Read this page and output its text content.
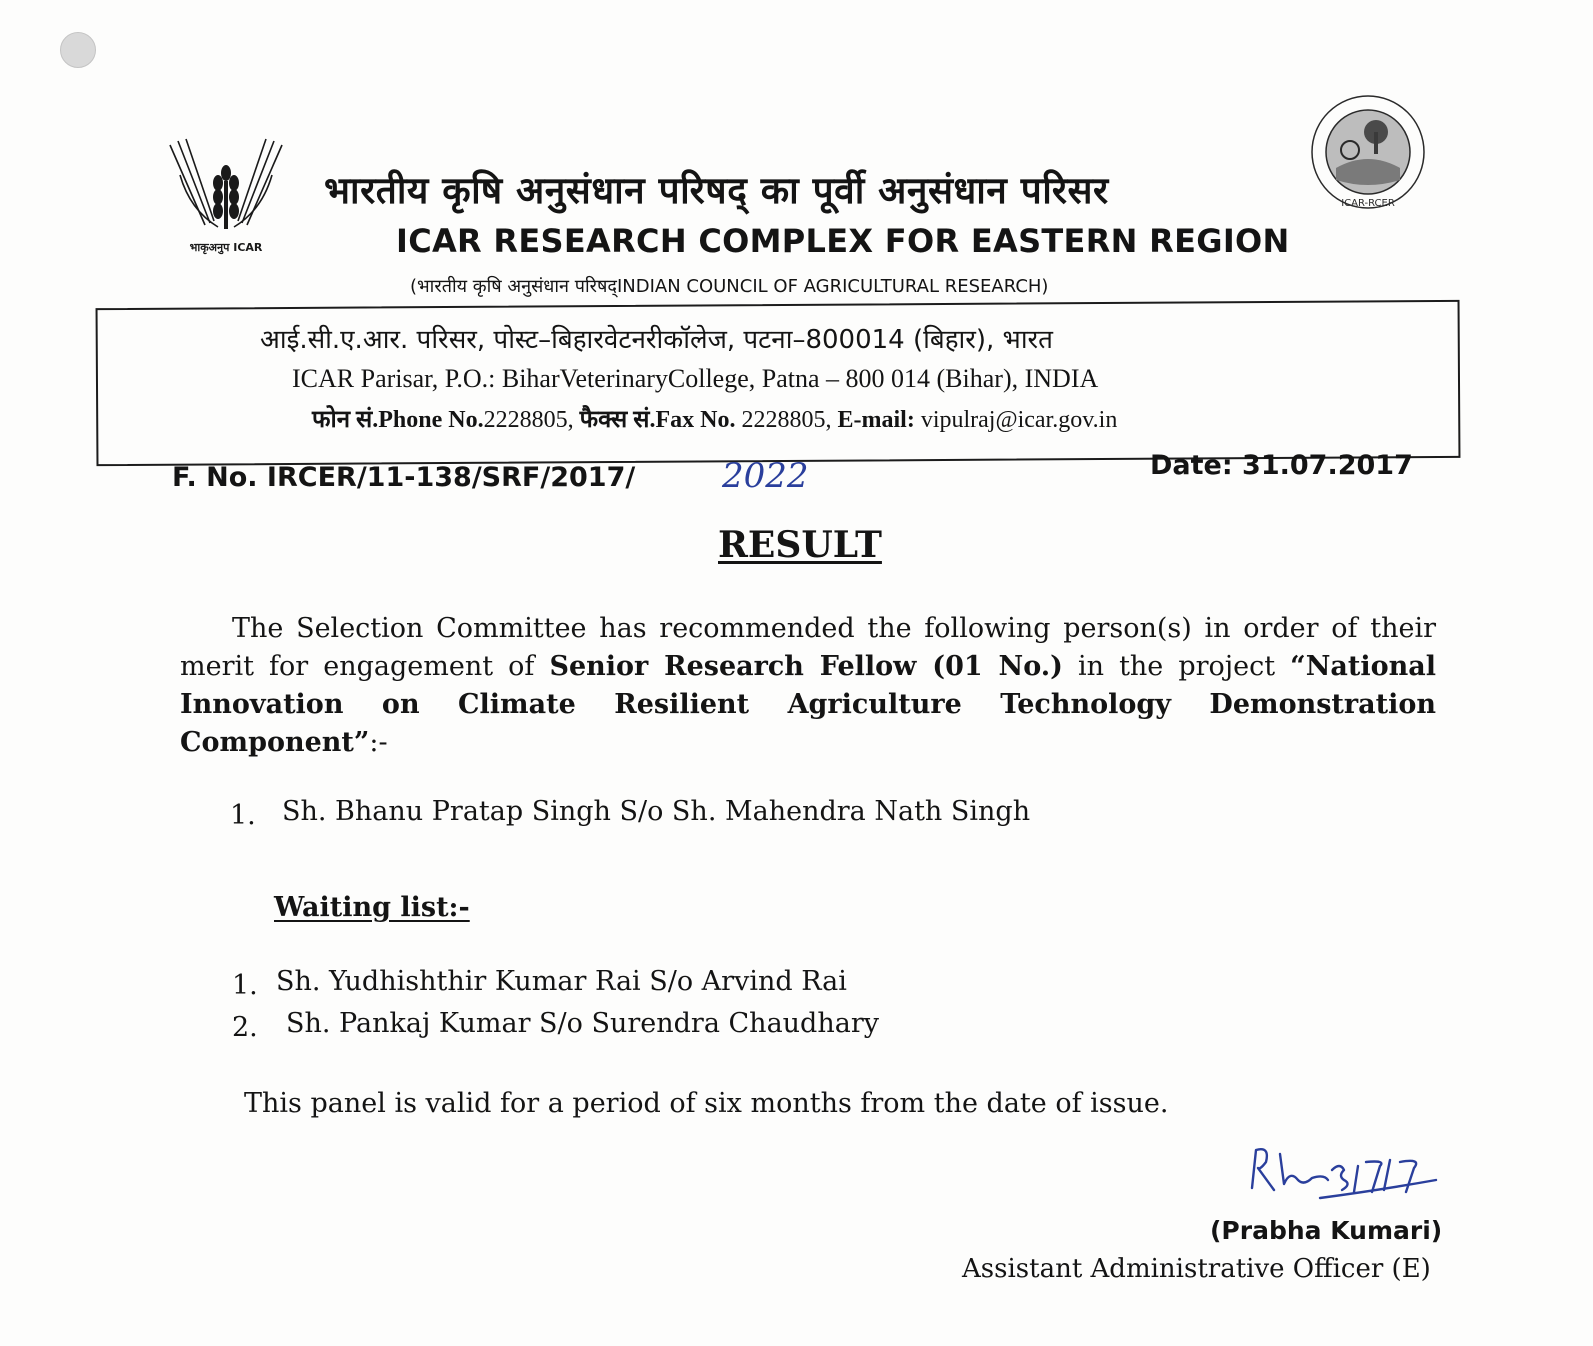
भाकृअनुप ICAR
ICAR-RCER
भारतीय कृषि अनुसंधान परिषद् का पूर्वी अनुसंधान परिसर
ICAR RESEARCH COMPLEX FOR EASTERN REGION
(भारतीय कृषि अनुसंधान परिषद्INDIAN COUNCIL OF AGRICULTURAL RESEARCH)
आई.सी.ए.आर. परिसर, पोस्ट–बिहारवेटनरीकॉलेज, पटना–800014 (बिहार), भारत
ICAR Parisar, P.O.: BiharVeterinaryCollege, Patna – 800 014 (Bihar), INDIA
फोन सं.Phone No.2228805, फैक्स सं.Fax No. 2228805, E-mail: vipulraj@icar.gov.in
F. No. IRCER/11-138/SRF/2017/	2022	Date: 31.07.2017
RESULT
The Selection Committee has recommended the following person(s) in order of their merit for engagement of Senior Research Fellow (01 No.) in the project “National Innovation on Climate Resilient Agriculture Technology Demonstration Component”:-
1. Sh. Bhanu Pratap Singh S/o Sh. Mahendra Nath Singh
Waiting list:-
1. Sh. Yudhishthir Kumar Rai S/o Arvind Rai
2. Sh. Pankaj Kumar S/o Surendra Chaudhary
This panel is valid for a period of six months from the date of issue.
(Prabha Kumari)
Assistant Administrative Officer (E)
